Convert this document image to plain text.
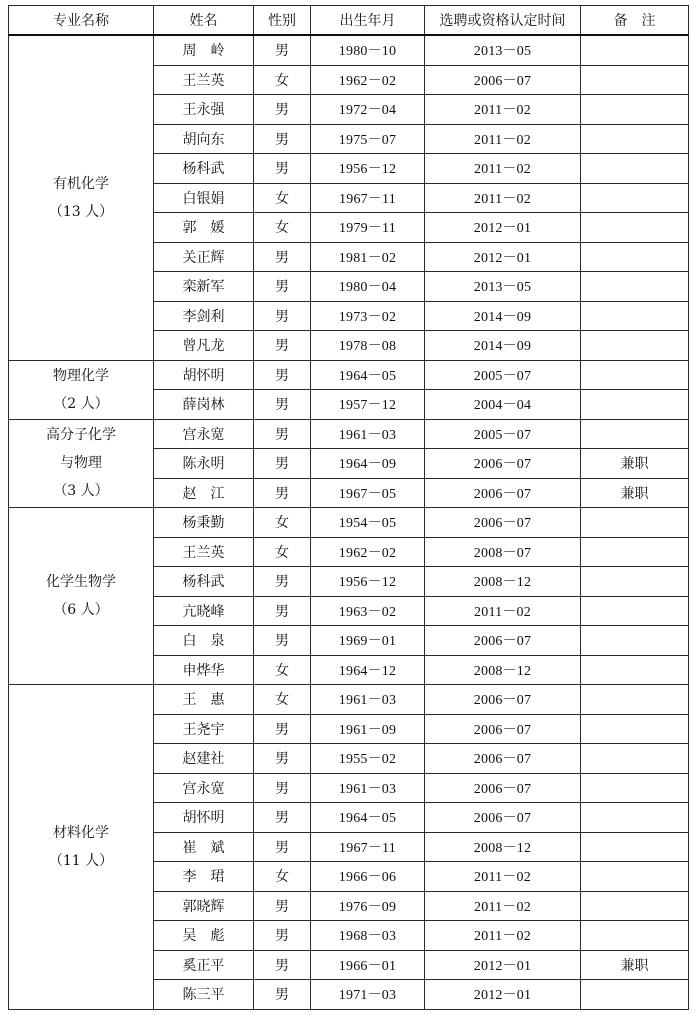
专业名称	姓名	性别	出生年月	选聘或资格认定时间	备　注

有机化学
（13 人）	周　岭	男	1980－10	2013－05	
	王兰英	女	1962－02	2006－07	
	王永强	男	1972－04	2011－02	
	胡向东	男	1975－07	2011－02	
	杨科武	男	1956－12	2011－02	
	白银娟	女	1967－11	2011－02	
	郭　媛	女	1979－11	2012－01	
	关正辉	男	1981－02	2012－01	
	栾新军	男	1980－04	2013－05	
	李剑利	男	1973－02	2014－09	
	曾凡龙	男	1978－08	2014－09	

物理化学
（2 人）	胡怀明	男	1964－05	2005－07	
	薛岗林	男	1957－12	2004－04	

高分子化学
与物理
（3 人）	宫永宽	男	1961－03	2005－07	
	陈永明	男	1964－09	2006－07	兼职
	赵　江	男	1967－05	2006－07	兼职

化学生物学
（6 人）	杨秉勤	女	1954－05	2006－07	
	王兰英	女	1962－02	2008－07	
	杨科武	男	1956－12	2008－12	
	亢晓峰	男	1963－02	2011－02	
	白　泉	男	1969－01	2006－07	
	申烨华	女	1964－12	2008－12	

材料化学
（11 人）	王　惠	女	1961－03	2006－07	
	王尧宇	男	1961－09	2006－07	
	赵建社	男	1955－02	2006－07	
	宫永宽	男	1961－03	2006－07	
	胡怀明	男	1964－05	2006－07	
	崔　斌	男	1967－11	2008－12	
	李　珺	女	1966－06	2011－02	
	郭晓辉	男	1976－09	2011－02	
	吴　彪	男	1968－03	2011－02	
	奚正平	男	1966－01	2012－01	兼职
	陈三平	男	1971－03	2012－01	
